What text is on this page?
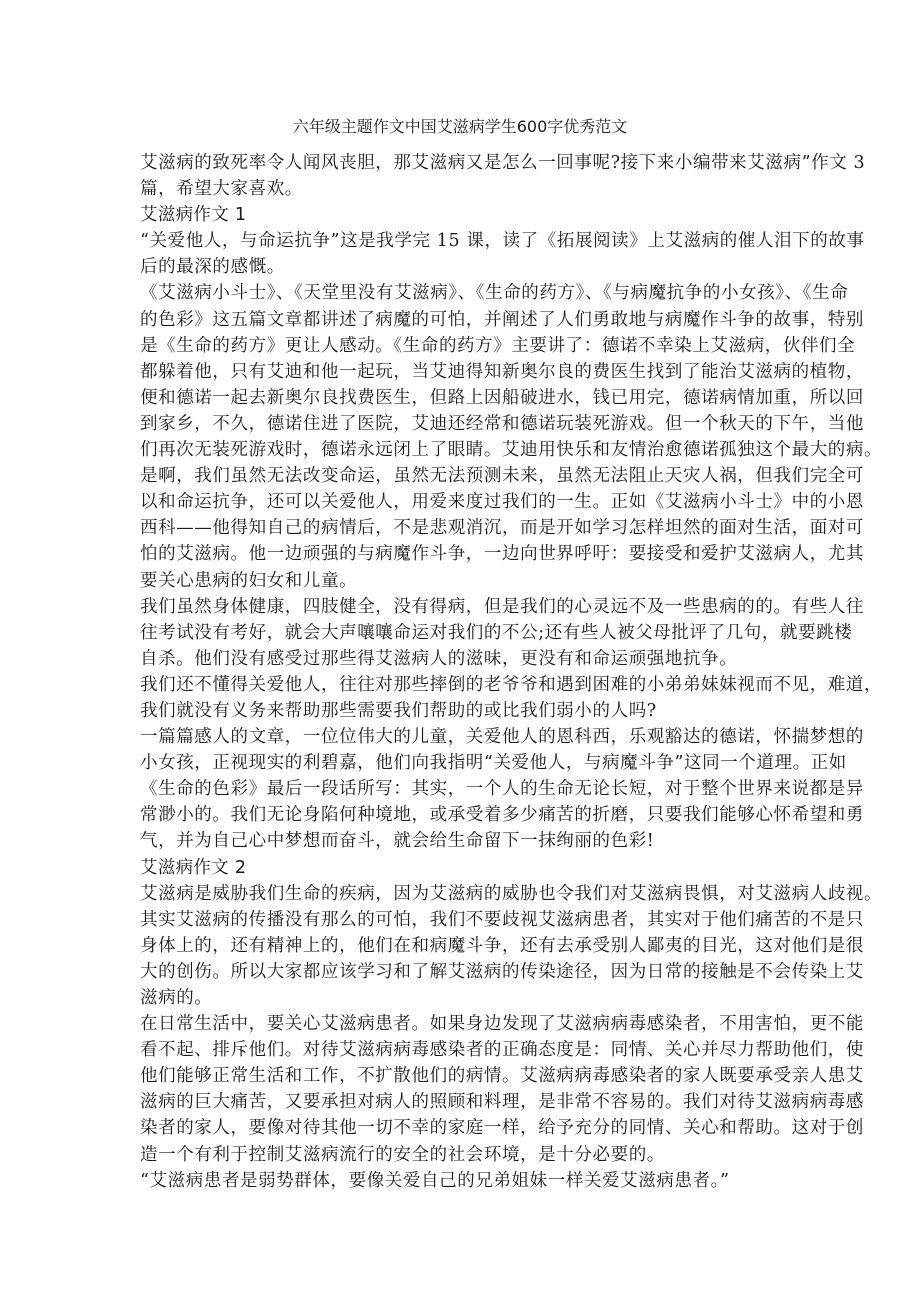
六年级主题作文中国艾滋病学生600字优秀范文
艾滋病的致死率令人闻风丧胆，那艾滋病又是怎么一回事呢?接下来小编带来艾滋病”作文 3
篇，希望大家喜欢。
艾滋病作文 1
“关爱他人，与命运抗争”这是我学完 15 课，读了《拓展阅读》上艾滋病的催人泪下的故事
后的最深的感慨。
《艾滋病小斗士》、《天堂里没有艾滋病》、《生命的药方》、《与病魔抗争的小女孩》、《生命
的色彩》这五篇文章都讲述了病魔的可怕，并阐述了人们勇敢地与病魔作斗争的故事，特别
是《生命的药方》更让人感动。《生命的药方》主要讲了：德诺不幸染上艾滋病，伙伴们全
都躲着他，只有艾迪和他一起玩，当艾迪得知新奥尔良的费医生找到了能治艾滋病的植物，
便和德诺一起去新奥尔良找费医生，但路上因船破进水，钱已用完，德诺病情加重，所以回
到家乡，不久，德诺住进了医院，艾迪还经常和德诺玩装死游戏。但一个秋天的下午，当他
们再次无装死游戏时，德诺永远闭上了眼睛。艾迪用快乐和友情治愈德诺孤独这个最大的病。
是啊，我们虽然无法改变命运，虽然无法预测未来，虽然无法阻止天灾人祸，但我们完全可
以和命运抗争，还可以关爱他人，用爱来度过我们的一生。正如《艾滋病小斗士》中的小恩
西科——他得知自己的病情后，不是悲观消沉，而是开如学习怎样坦然的面对生活，面对可
怕的艾滋病。他一边顽强的与病魔作斗争，一边向世界呼吁：要接受和爱护艾滋病人，尤其
要关心患病的妇女和儿童。
我们虽然身体健康，四肢健全，没有得病，但是我们的心灵远不及一些患病的的。有些人往
往考试没有考好，就会大声嚷嚷命运对我们的不公;还有些人被父母批评了几句，就要跳楼
自杀。他们没有感受过那些得艾滋病人的滋味，更没有和命运顽强地抗争。
我们还不懂得关爱他人，往往对那些摔倒的老爷爷和遇到困难的小弟弟妹妹视而不见，难道，
我们就没有义务来帮助那些需要我们帮助的或比我们弱小的人吗?
一篇篇感人的文章，一位位伟大的儿童，关爱他人的恩科西，乐观豁达的德诺，怀揣梦想的
小女孩，正视现实的利碧嘉，他们向我指明“关爱他人，与病魔斗争”这同一个道理。正如
《生命的色彩》最后一段话所写：其实，一个人的生命无论长短，对于整个世界来说都是异
常渺小的。我们无论身陷何种境地，或承受着多少痛苦的折磨，只要我们能够心怀希望和勇
气，并为自己心中梦想而奋斗，就会给生命留下一抹绚丽的色彩!
艾滋病作文 2
艾滋病是威胁我们生命的疾病，因为艾滋病的威胁也令我们对艾滋病畏惧，对艾滋病人歧视。
其实艾滋病的传播没有那么的可怕，我们不要歧视艾滋病患者，其实对于他们痛苦的不是只
身体上的，还有精神上的，他们在和病魔斗争，还有去承受别人鄙夷的目光，这对他们是很
大的创伤。所以大家都应该学习和了解艾滋病的传染途径，因为日常的接触是不会传染上艾
滋病的。
在日常生活中，要关心艾滋病患者。如果身边发现了艾滋病病毒感染者，不用害怕，更不能
看不起、排斥他们。对待艾滋病病毒感染者的正确态度是：同情、关心并尽力帮助他们，使
他们能够正常生活和工作，不扩散他们的病情。艾滋病病毒感染者的家人既要承受亲人患艾
滋病的巨大痛苦，又要承担对病人的照顾和料理，是非常不容易的。我们对待艾滋病病毒感
染者的家人，要像对待其他一切不幸的家庭一样，给予充分的同情、关心和帮助。这对于创
造一个有利于控制艾滋病流行的安全的社会环境，是十分必要的。
“艾滋病患者是弱势群体，要像关爱自己的兄弟姐妹一样关爱艾滋病患者。”
